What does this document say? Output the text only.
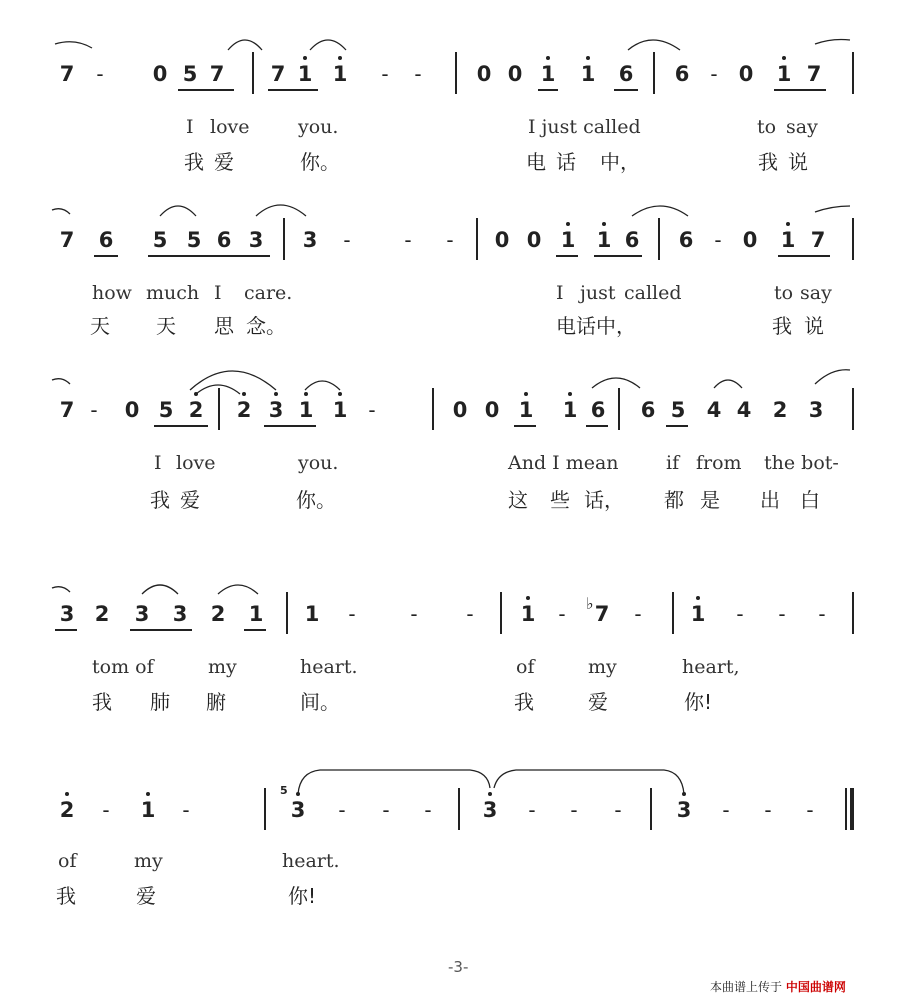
7	-	0 5 7 7 1 1	-	-	0 0 1 1 6 6	-	0 1 7
I love	you.	I just called	to say
我 爱	你。	电 话 中，	我 说
7 6 5 5 6 3 3	-	-	-	0 0 1 1 6 6	-	0 1 7
how much I care.	I just called	to say
天 天 思 念。	电话中，	我 说
7 -	0 5 2 2 3 1 1	-	0 0 1 1 6 6 5 4 4 2 3
I love	you.	And I mean if from the bot-
我 爱	你。	这 些 话， 都 是 出 白
3 2 3 3 2 1 1	-	-	-	1	-	♭ 7	-	1	-	-	-
tom of	my	heart.	of	my	heart,
我 肺 腑	间。	我	爱	你!
2	-	1	-
5
3	-	-	-	3	-	-	-	3	-	-	-
of	my	heart.
我	爱	你!
-3-
本曲谱上传于 中国曲谱网
